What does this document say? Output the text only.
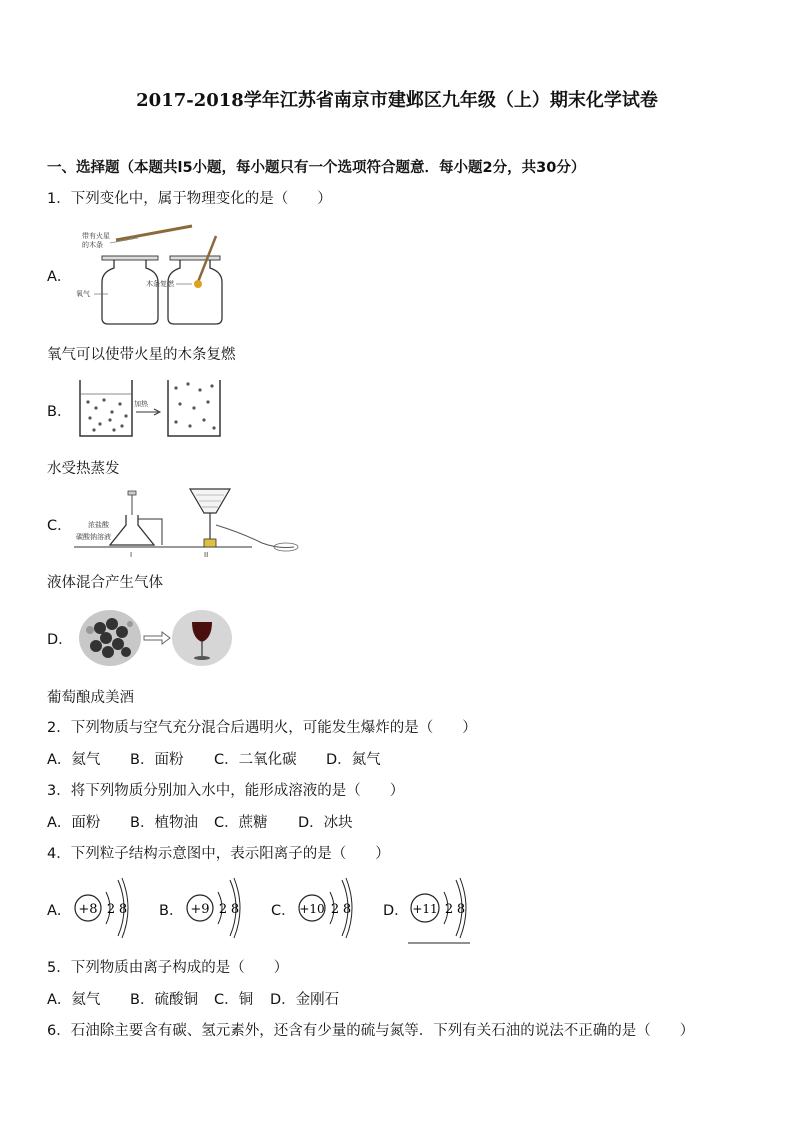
2017-2018学年江苏省南京市建邺区九年级（上）期末化学试卷
一、选择题（本题共l5小题，每小题只有一个选项符合题意．每小题2分，共30分）
1．下列变化中，属于物理变化的是（　　）
A．
带有火星
的木条
氧气
木条复燃
氧气可以使带火星的木条复燃
B．	加热
水受热蒸发
C． 浓盐酸
碳酸钠溶液
I	II
液体混合产生气体
D．
葡萄酿成美酒
2．下列物质与空气充分混合后遇明火，可能发生爆炸的是（　　）
A．氦气 B．面粉 C．二氧化碳 D．氮气
3．将下列物质分别加入水中，能形成溶液的是（　　）
A．面粉 B．植物油 C．蔗糖 D．冰块
4．下列粒子结构示意图中，表示阳离子的是（　　）
A． +8 2 8 B． +9 2 8 C． +10 2 8 D． +11 2 8
5．下列物质由离子构成的是（　　）
A．氦气 B．硫酸铜 C．铜 D．金刚石
6．石油除主要含有碳、氢元素外，还含有少量的硫与氮等．下列有关石油的说法不正确的是（　　）
